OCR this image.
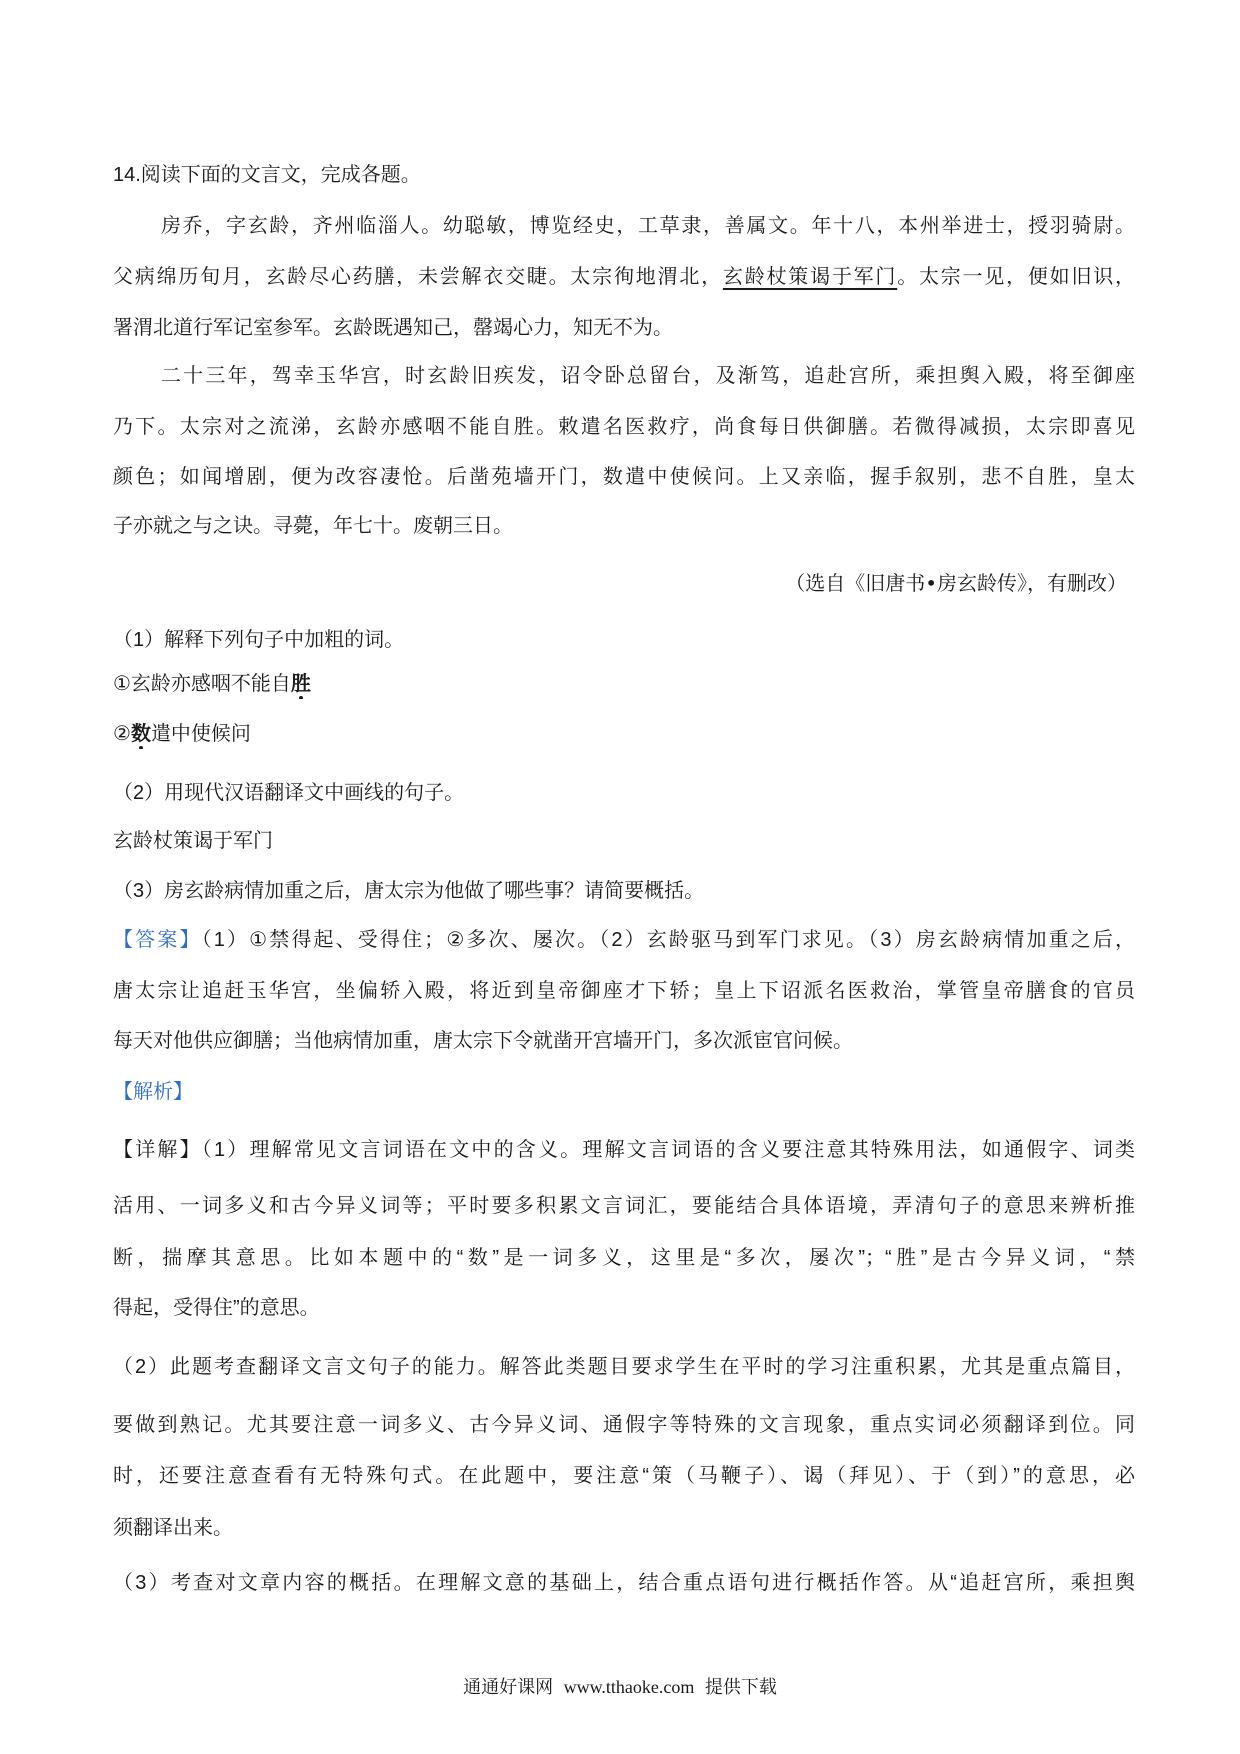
14.阅读下面的文言文，完成各题。
房乔，字玄龄，齐州临淄人。幼聪敏，博览经史，工草隶，善属文。年十八，本州举进士，授羽骑尉。
父病绵历旬月，玄龄尽心药膳，未尝解衣交睫。太宗徇地渭北，玄龄杖策谒于军门。太宗一见，便如旧识，
署渭北道行军记室参军。玄龄既遇知己，罄竭心力，知无不为。
二十三年，驾幸玉华宫，时玄龄旧疾发，诏令卧总留台，及渐笃，追赴宫所，乘担舆入殿，将至御座
乃下。太宗对之流涕，玄龄亦感咽不能自胜。敕遣名医救疗，尚食每日供御膳。若微得减损，太宗即喜见
颜色；如闻增剧，便为改容凄怆。后凿苑墙开门，数遣中使候问。上又亲临，握手叙别，悲不自胜，皇太
子亦就之与之诀。寻薨，年七十。废朝三日。
（选自《旧唐书•房玄龄传》，有删改）
（1）解释下列句子中加粗的词。
①玄龄亦感咽不能自胜
②数遣中使候问
（2）用现代汉语翻译文中画线的句子。
玄龄杖策谒于军门
（3）房玄龄病情加重之后，唐太宗为他做了哪些事？请简要概括。
【答案】（1）①禁得起、受得住；②多次、屡次。（2）玄龄驱马到军门求见。（3）房玄龄病情加重之后，
唐太宗让追赶玉华宫，坐偏轿入殿，将近到皇帝御座才下轿；皇上下诏派名医救治，掌管皇帝膳食的官员
每天对他供应御膳；当他病情加重，唐太宗下令就凿开宫墙开门，多次派宦官问候。
【解析】
【详解】（1）理解常见文言词语在文中的含义。理解文言词语的含义要注意其特殊用法，如通假字、词类
活用、一词多义和古今异义词等；平时要多积累文言词汇，要能结合具体语境，弄清句子的意思来辨析推
断，揣摩其意思。比如本题中的“数”是一词多义，这里是“多次，屡次”；“胜”是古今异义词，“禁
得起，受得住”的意思。
（2）此题考查翻译文言文句子的能力。解答此类题目要求学生在平时的学习注重积累，尤其是重点篇目，
要做到熟记。尤其要注意一词多义、古今异义词、通假字等特殊的文言现象，重点实词必须翻译到位。同
时，还要注意查看有无特殊句式。在此题中，要注意“策（马鞭子）、谒（拜见）、于（到）”的意思，必
须翻译出来。
（3）考查对文章内容的概括。在理解文意的基础上，结合重点语句进行概括作答。从“追赶宫所，乘担舆
通通好课网 www.tthaoke.com 提供下载
